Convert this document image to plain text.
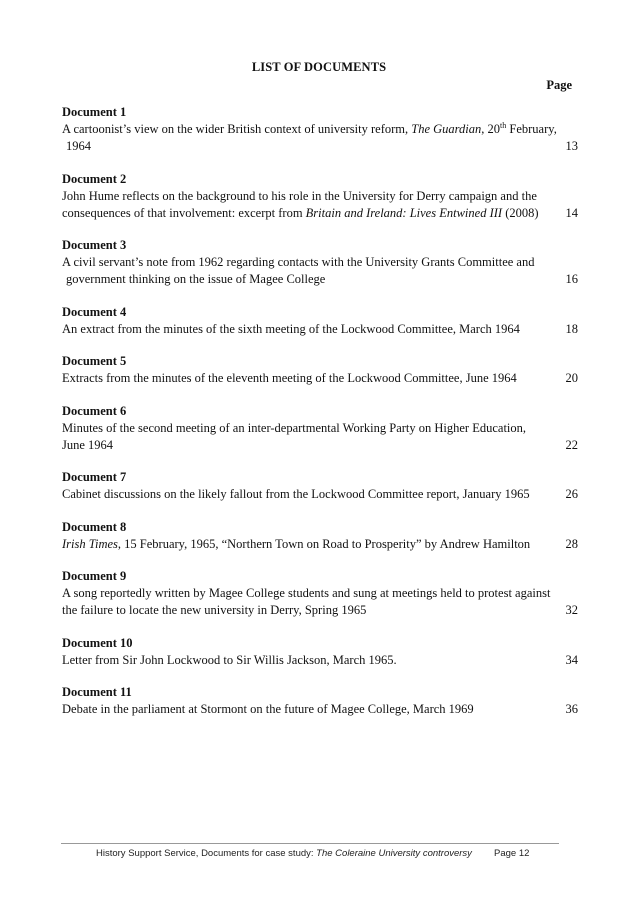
LIST OF DOCUMENTS
Page
Document 1
A cartoonist’s view on the wider British context of university reform, The Guardian, 20th February,
1964	13
Document 2
John Hume reflects on the background to his role in the University for Derry campaign and the
consequences of that involvement: excerpt from Britain and Ireland: Lives Entwined III (2008)	14
Document 3
A civil servant’s note from 1962 regarding contacts with the University Grants Committee and
government thinking on the issue of Magee College	16
Document 4
An extract from the minutes of the sixth meeting of the Lockwood Committee, March 1964	18
Document 5
Extracts from the minutes of the eleventh meeting of the Lockwood Committee, June 1964	20
Document 6
Minutes of the second meeting of an inter-departmental Working Party on Higher Education,
June 1964	22
Document 7
Cabinet discussions on the likely fallout from the Lockwood Committee report, January 1965	26
Document 8
Irish Times, 15 February, 1965, “Northern Town on Road to Prosperity” by Andrew Hamilton	28
Document 9
A song reportedly written by Magee College students and sung at meetings held to protest against
the failure to locate the new university in Derry, Spring 1965	32
Document 10
Letter from Sir John Lockwood to Sir Willis Jackson, March 1965.	34
Document 11
Debate in the parliament at Stormont on the future of Magee College, March 1969	36
History Support Service, Documents for case study: The Coleraine University controversy Page 12
